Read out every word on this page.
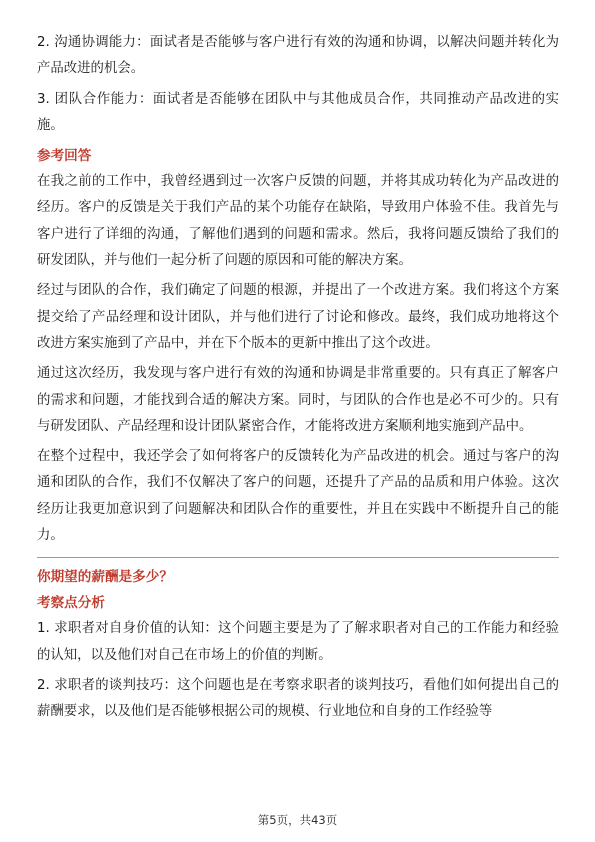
2. 沟通协调能力：面试者是否能够与客户进行有效的沟通和协调，以解决问题并转化为产品改进的机会。

3. 团队合作能力：面试者是否能够在团队中与其他成员合作，共同推动产品改进的实施。

参考回答

在我之前的工作中，我曾经遇到过一次客户反馈的问题，并将其成功转化为产品改进的经历。客户的反馈是关于我们产品的某个功能存在缺陷，导致用户体验不佳。我首先与客户进行了详细的沟通，了解他们遇到的问题和需求。然后，我将问题反馈给了我们的研发团队，并与他们一起分析了问题的原因和可能的解决方案。

经过与团队的合作，我们确定了问题的根源，并提出了一个改进方案。我们将这个方案提交给了产品经理和设计团队，并与他们进行了讨论和修改。最终，我们成功地将这个改进方案实施到了产品中，并在下个版本的更新中推出了这个改进。

通过这次经历，我发现与客户进行有效的沟通和协调是非常重要的。只有真正了解客户的需求和问题，才能找到合适的解决方案。同时，与团队的合作也是必不可少的。只有与研发团队、产品经理和设计团队紧密合作，才能将改进方案顺利地实施到产品中。

在整个过程中，我还学会了如何将客户的反馈转化为产品改进的机会。通过与客户的沟通和团队的合作，我们不仅解决了客户的问题，还提升了产品的品质和用户体验。这次经历让我更加意识到了问题解决和团队合作的重要性，并且在实践中不断提升自己的能力。

你期望的薪酬是多少？
考察点分析

1. 求职者对自身价值的认知：这个问题主要是为了了解求职者对自己的工作能力和经验的认知，以及他们对自己在市场上的价值的判断。

2. 求职者的谈判技巧：这个问题也是在考察求职者的谈判技巧，看他们如何提出自己的薪酬要求，以及他们是否能够根据公司的规模、行业地位和自身的工作经验等

第5页，共43页
